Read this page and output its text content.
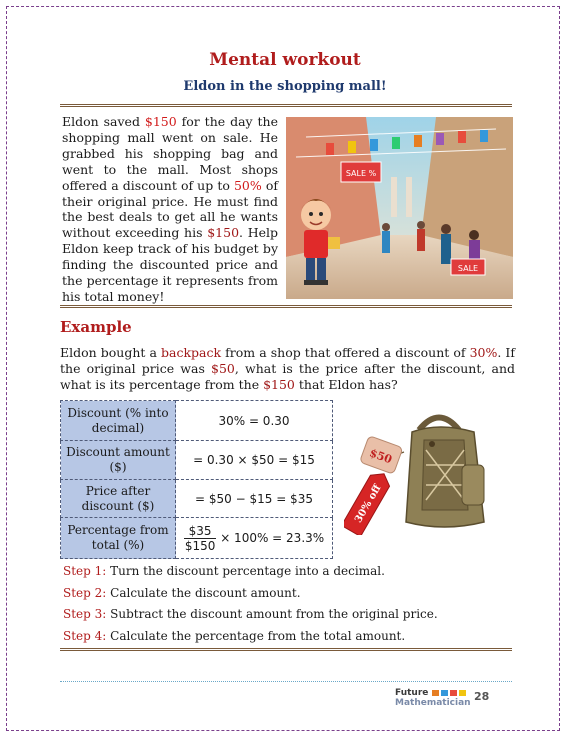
Mental workout
Eldon in the shopping mall!
Eldon saved $150 for the day the shopping mall went on sale. He grabbed his shopping bag and went to the mall. Most shops offered a discount of up to 50% of their original price. He must find the best deals to get all he wants without exceeding his $150. Help Eldon keep track of his budget by finding the discounted price and the percentage it represents from his total money!
SALE %
SALE
Example
Eldon bought a backpack from a shop that offered a discount of 30%. If the original price was $50, what is the price after the discount, and what is its percentage from the $150 that Eldon has?
Discount (% into decimal)	30% = 0.30
Discount amount ($)	= 0.30 × $50 = $15
Price after discount ($)	= $50 − $15 = $35
Percentage from total (%)	$\frac{\$35}{\$150} \times 100\% = 23.3\%$
$50
30% off
Step 1: Turn the discount percentage into a decimal.
Step 2: Calculate the discount amount.
Step 3: Subtract the discount amount from the original price.
Step 4: Calculate the percentage from the total amount.
Future
Mathematician 28
